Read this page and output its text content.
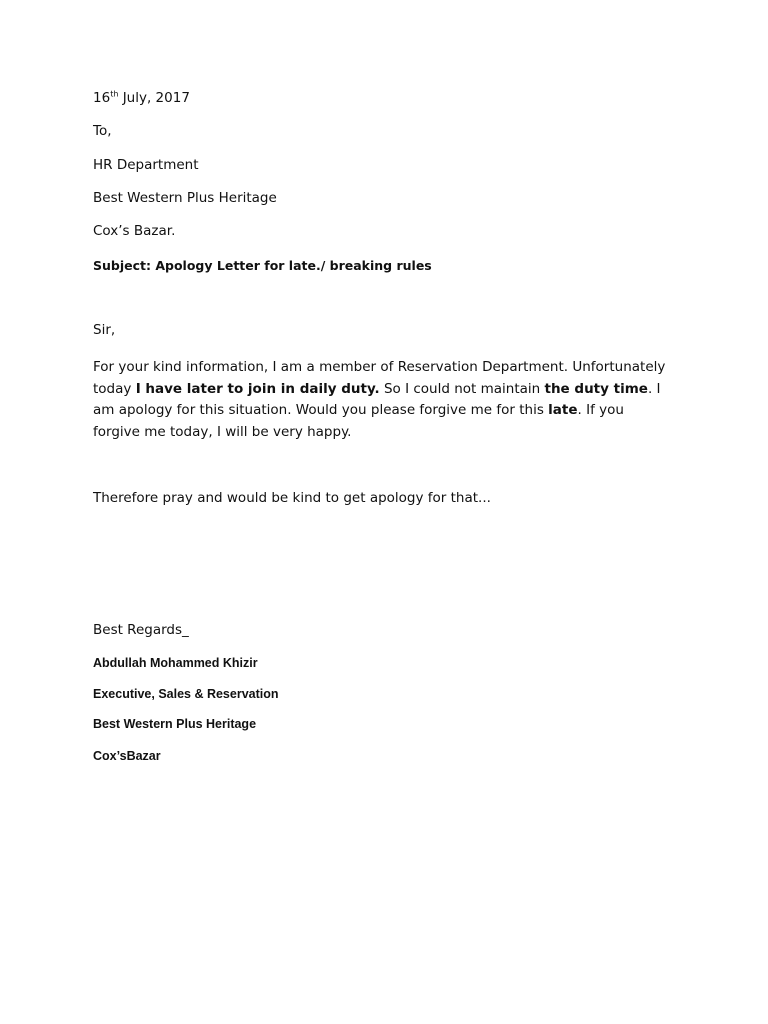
16th July, 2017
To,
HR Department
Best Western Plus Heritage
Cox’s Bazar.
Subject: Apology Letter for late./ breaking rules
Sir,
For your kind information, I am a member of Reservation Department. Unfortunately today I have later to join in daily duty. So I could not maintain the duty time. I am apology for this situation. Would you please forgive me for this late. If you forgive me today, I will be very happy.
Therefore pray and would be kind to get apology for that...
Best Regards_
Abdullah Mohammed Khizir
Executive, Sales & Reservation
Best Western Plus Heritage
Cox’sBazar
